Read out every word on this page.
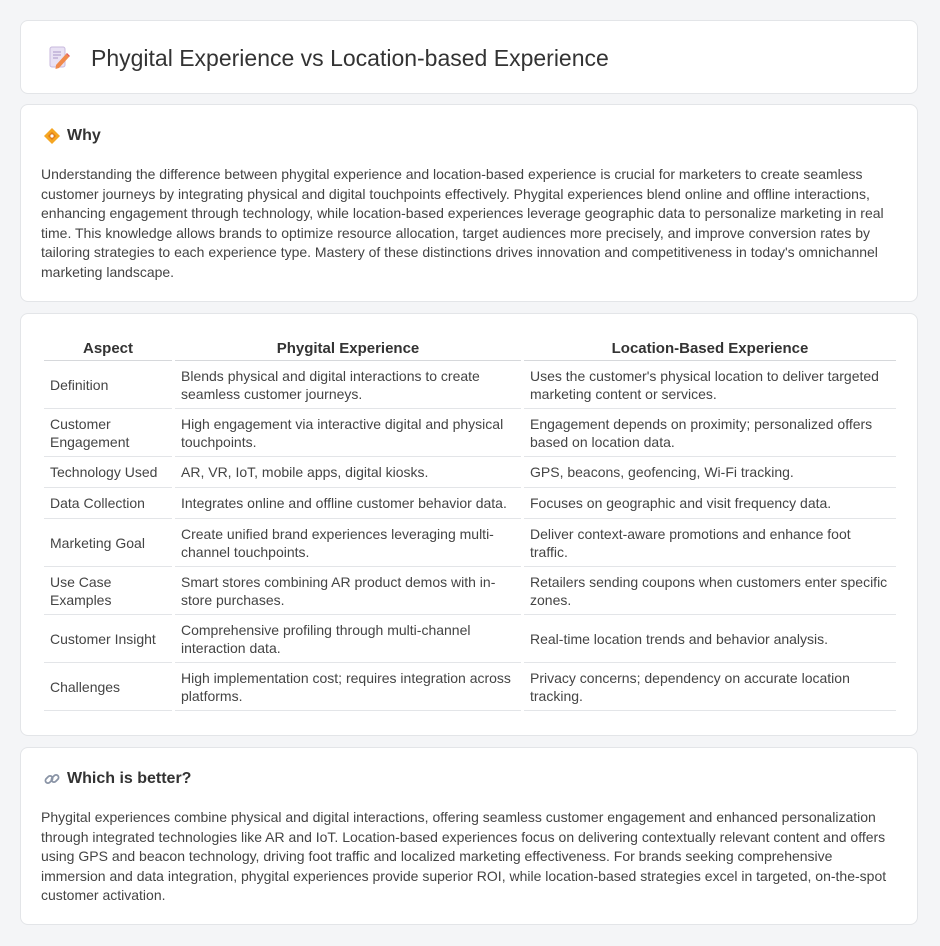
Phygital Experience vs Location-based Experience
Why

Understanding the difference between phygital experience and location-based experience is crucial for marketers to create seamless customer journeys by integrating physical and digital touchpoints effectively. Phygital experiences blend online and offline interactions, enhancing engagement through technology, while location-based experiences leverage geographic data to personalize marketing in real time. This knowledge allows brands to optimize resource allocation, target audiences more precisely, and improve conversion rates by tailoring strategies to each experience type. Mastery of these distinctions drives innovation and competitiveness in today's omnichannel marketing landscape.

Aspect	Phygital Experience	Location-Based Experience
Definition	Blends physical and digital interactions to create seamless customer journeys.	Uses the customer's physical location to deliver targeted marketing content or services.
Customer Engagement	High engagement via interactive digital and physical touchpoints.	Engagement depends on proximity; personalized offers based on location data.
Technology Used	AR, VR, IoT, mobile apps, digital kiosks.	GPS, beacons, geofencing, Wi-Fi tracking.
Data Collection	Integrates online and offline customer behavior data.	Focuses on geographic and visit frequency data.
Marketing Goal	Create unified brand experiences leveraging multi-channel touchpoints.	Deliver context-aware promotions and enhance foot traffic.
Use Case Examples	Smart stores combining AR product demos with in-store purchases.	Retailers sending coupons when customers enter specific zones.
Customer Insight	Comprehensive profiling through multi-channel interaction data.	Real-time location trends and behavior analysis.
Challenges	High implementation cost; requires integration across platforms.	Privacy concerns; dependency on accurate location tracking.
Which is better?

Phygital experiences combine physical and digital interactions, offering seamless customer engagement and enhanced personalization through integrated technologies like AR and IoT. Location-based experiences focus on delivering contextually relevant content and offers using GPS and beacon technology, driving foot traffic and localized marketing effectiveness. For brands seeking comprehensive immersion and data integration, phygital experiences provide superior ROI, while location-based strategies excel in targeted, on-the-spot customer activation.
